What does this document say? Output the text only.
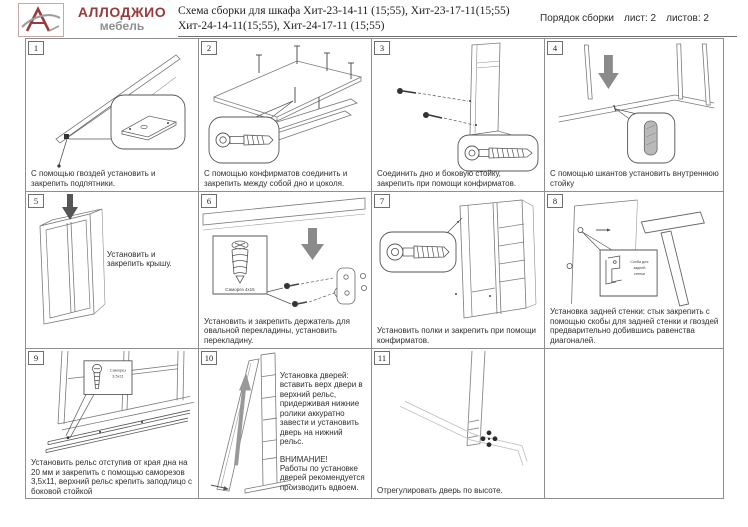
АЛЛОДЖИО
мебель
Схема сборки для шкафа Хит-23-14-11 (15;55), Хит-23-17-11(15;55)
Хит-24-14-11(15;55), Хит-24-17-11 (15;55)
Порядок сборки лист: 2 листов: 2
1
С помощью гвоздей установить и закрепить подпятники.
2
С помощью конфирматов соединить и закрепить между собой дно и цоколя.
3
Соединить дно и боковую стойку, закрепить при помощи конфирматов.
4
С помощью шкантов установить внутреннюю стойку
5
Установить и закрепить крышу.
6
Саморез 4х15
Установить и закрепить держатель для овальной перекладины, установить перекладину.
7
Установить полки и закрепить при помощи конфирматов.
8
Скоба для
задней
стенки
Установка задней стенки: стык закрепить с помощью скобы для задней стенки и гвоздей предварительно добившись равенства диагоналей.
9
Саморез
3,5х11
Установить рельс отступив от края дна на 20 мм и закрепить с помощью саморезов 3,5х11, верхний рельс крепить заподлицо с боковой стойкой
10
Установка дверей:
вставить верх двери в верхний рельс, придерживая нижние ролики аккуратно завести и установить дверь на нижний рельс.
ВНИМАНИЕ!
Работы по установке дверей рекомендуется производить вдвоем.
11
Отрегулировать дверь по высоте.
